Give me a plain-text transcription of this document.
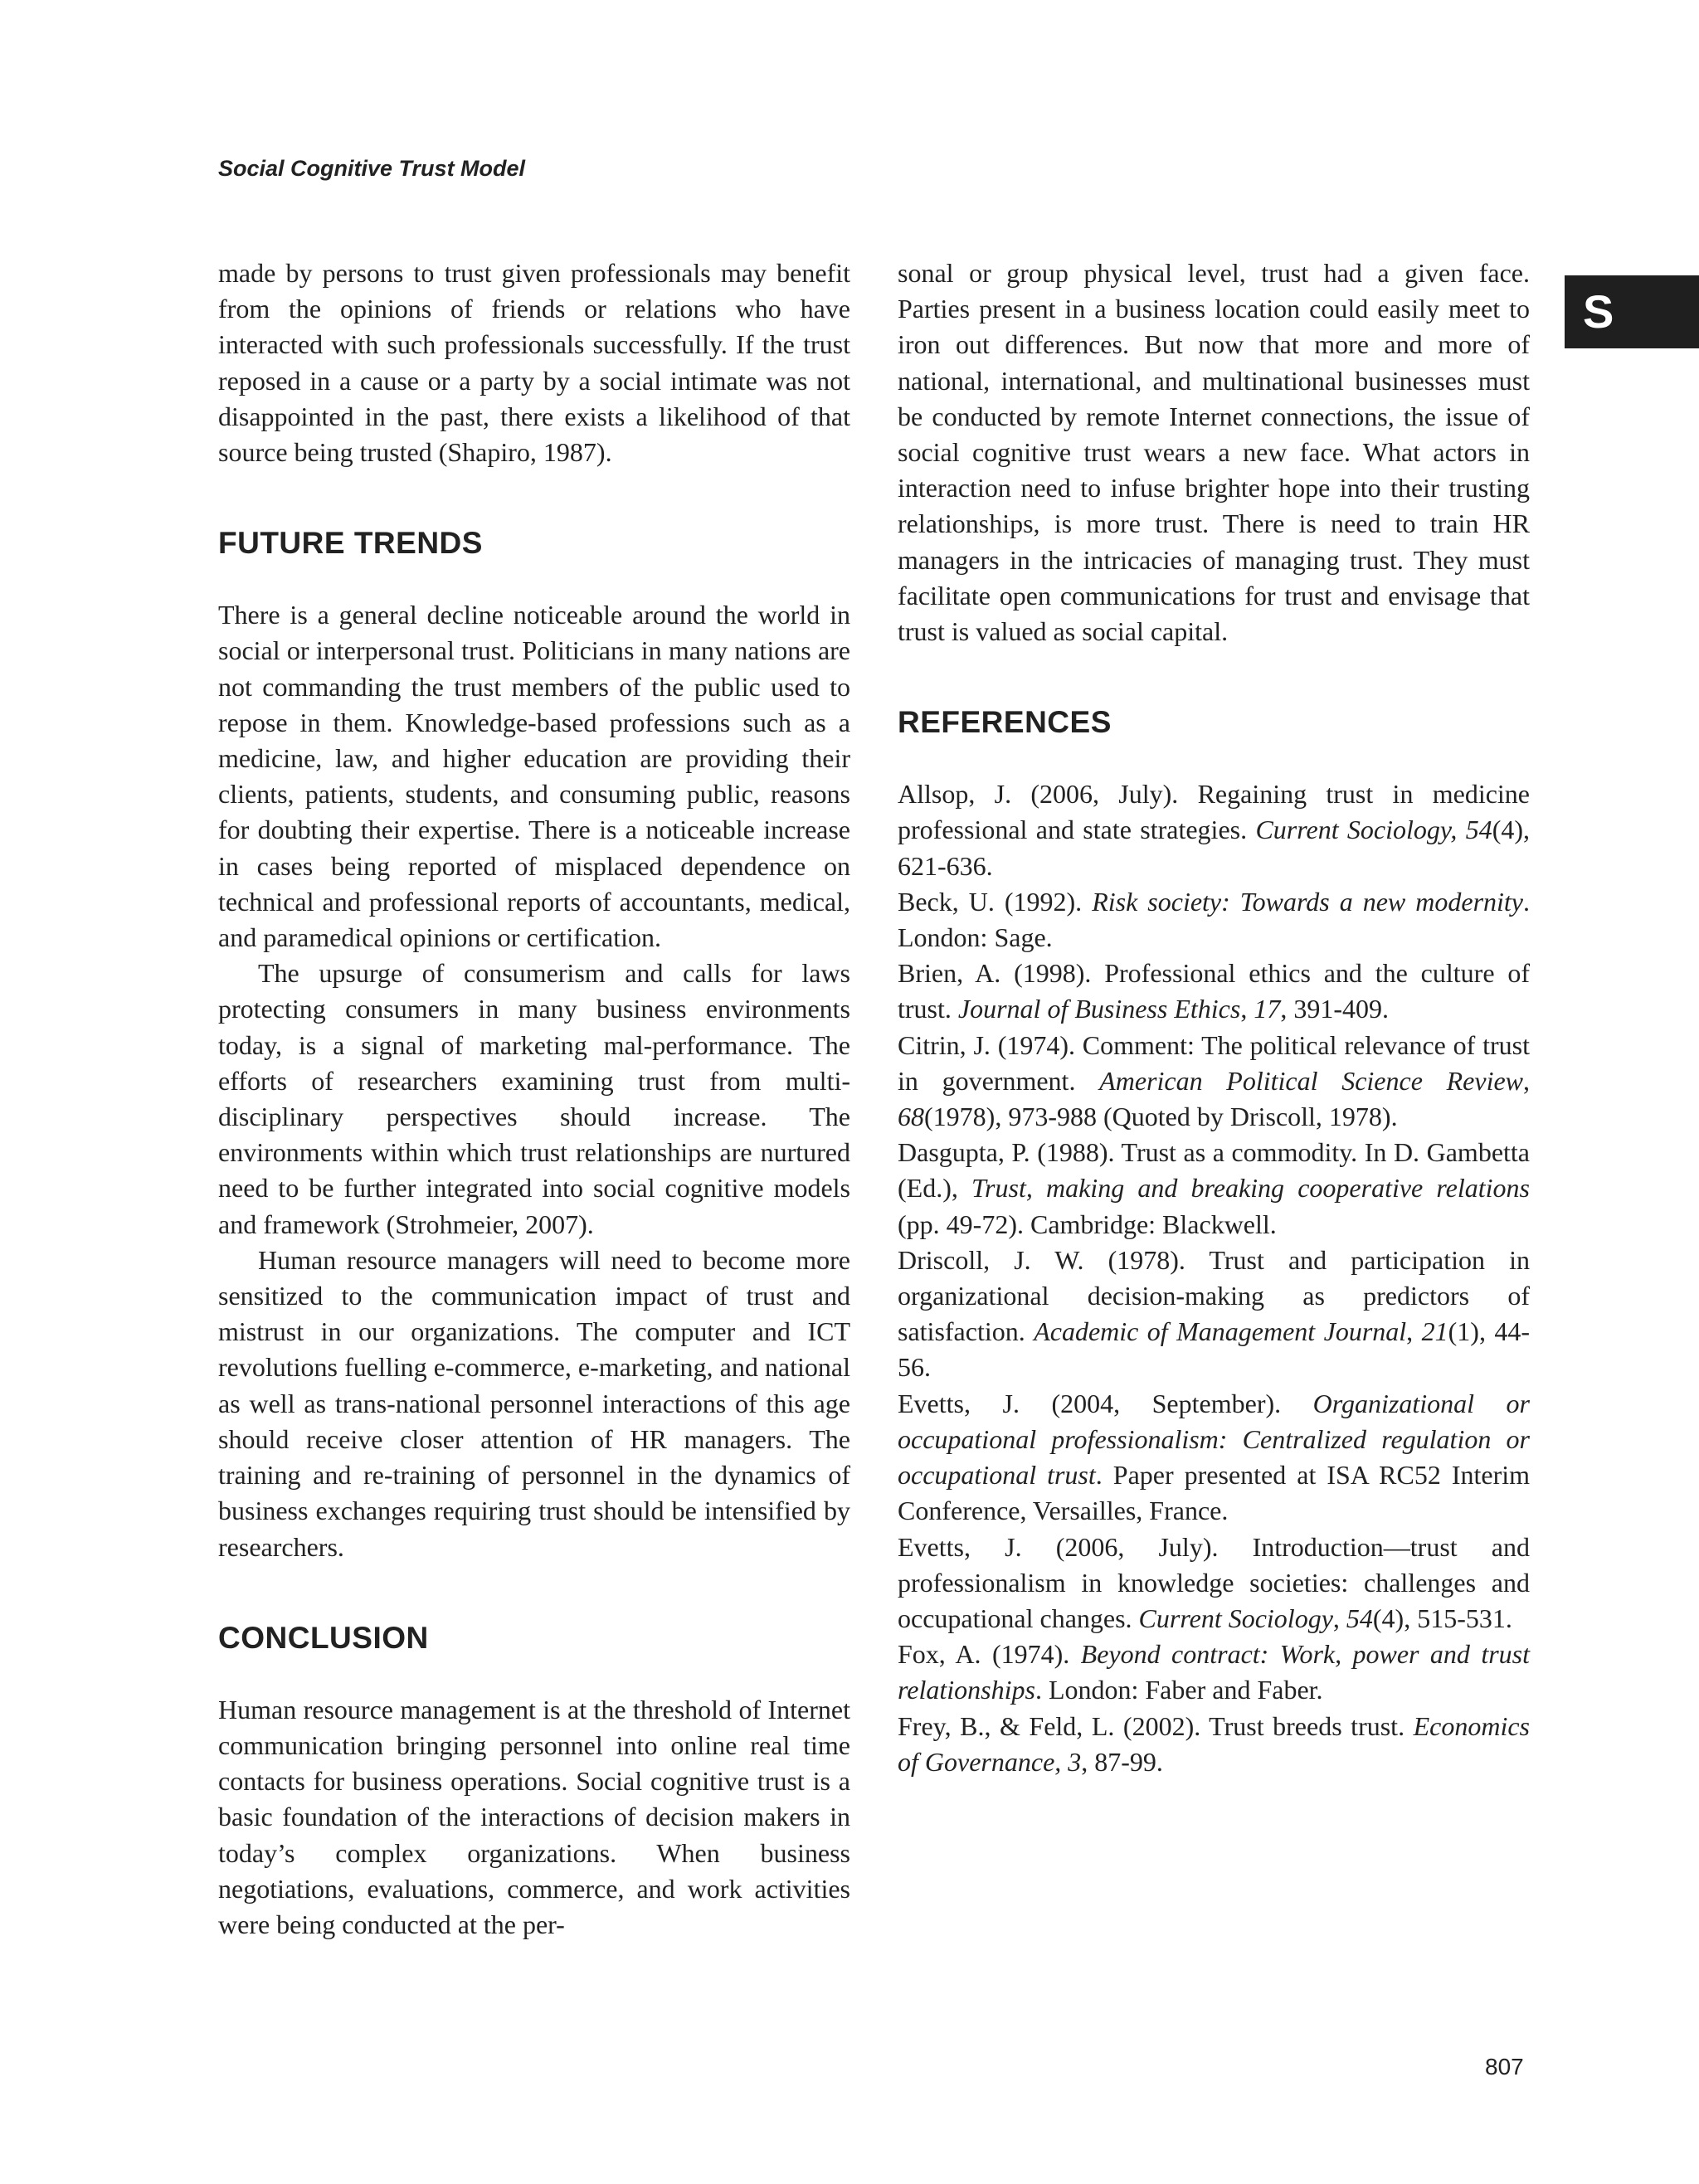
Social Cognitive Trust Model
S

made by persons to trust given professionals may benefit from the opinions of friends or relations who have interacted with such professionals successfully. If the trust reposed in a cause or a party by a social intimate was not disappointed in the past, there exists a likelihood of that source being trusted (Shapiro, 1987).

FUTURE TRENDS

There is a general decline noticeable around the world in social or interpersonal trust. Politicians in many nations are not commanding the trust members of the public used to repose in them. Knowledge-based professions such as a medicine, law, and higher education are providing their clients, patients, students, and consuming public, reasons for doubting their expertise. There is a noticeable increase in cases being reported of misplaced dependence on technical and professional reports of accountants, medical, and paramedical opinions or certification.

The upsurge of consumerism and calls for laws protecting consumers in many business environments today, is a signal of marketing mal-performance. The efforts of researchers examining trust from multi-disciplinary perspectives should increase. The environments within which trust relationships are nurtured need to be further integrated into social cognitive models and framework (Strohmeier, 2007).

Human resource managers will need to become more sensitized to the communication impact of trust and mistrust in our organizations. The computer and ICT revolutions fuelling e-commerce, e-marketing, and national as well as trans-national personnel interactions of this age should receive closer attention of HR managers. The training and re-training of personnel in the dynamics of business exchanges requiring trust should be intensified by researchers.

CONCLUSION

Human resource management is at the threshold of Internet communication bringing personnel into online real time contacts for business operations. Social cognitive trust is a basic foundation of the interactions of decision makers in today’s complex organizations. When business negotiations, evaluations, commerce, and work activities were being conducted at the per-

sonal or group physical level, trust had a given face. Parties present in a business location could easily meet to iron out differences. But now that more and more of national, international, and multinational businesses must be conducted by remote Internet connections, the issue of social cognitive trust wears a new face. What actors in interaction need to infuse brighter hope into their trusting relationships, is more trust. There is need to train HR managers in the intricacies of managing trust. They must facilitate open communications for trust and envisage that trust is valued as social capital.

REFERENCES

Allsop, J. (2006, July). Regaining trust in medicine professional and state strategies. Current Sociology, 54(4), 621-636.

Beck, U. (1992). Risk society: Towards a new modernity. London: Sage.

Brien, A. (1998). Professional ethics and the culture of trust. Journal of Business Ethics, 17, 391-409.

Citrin, J. (1974). Comment: The political relevance of trust in government. American Political Science Review, 68(1978), 973-988 (Quoted by Driscoll, 1978).

Dasgupta, P. (1988). Trust as a commodity. In D. Gambetta (Ed.), Trust, making and breaking cooperative relations (pp. 49-72). Cambridge: Blackwell.

Driscoll, J. W. (1978). Trust and participation in organizational decision-making as predictors of satisfaction. Academic of Management Journal, 21(1), 44-56.

Evetts, J. (2004, September). Organizational or occupational professionalism: Centralized regulation or occupational trust. Paper presented at ISA RC52 Interim Conference, Versailles, France.

Evetts, J. (2006, July). Introduction—trust and professionalism in knowledge societies: challenges and occupational changes. Current Sociology, 54(4), 515-531.

Fox, A. (1974). Beyond contract: Work, power and trust relationships. London: Faber and Faber.

Frey, B., & Feld, L. (2002). Trust breeds trust. Economics of Governance, 3, 87-99.

807
